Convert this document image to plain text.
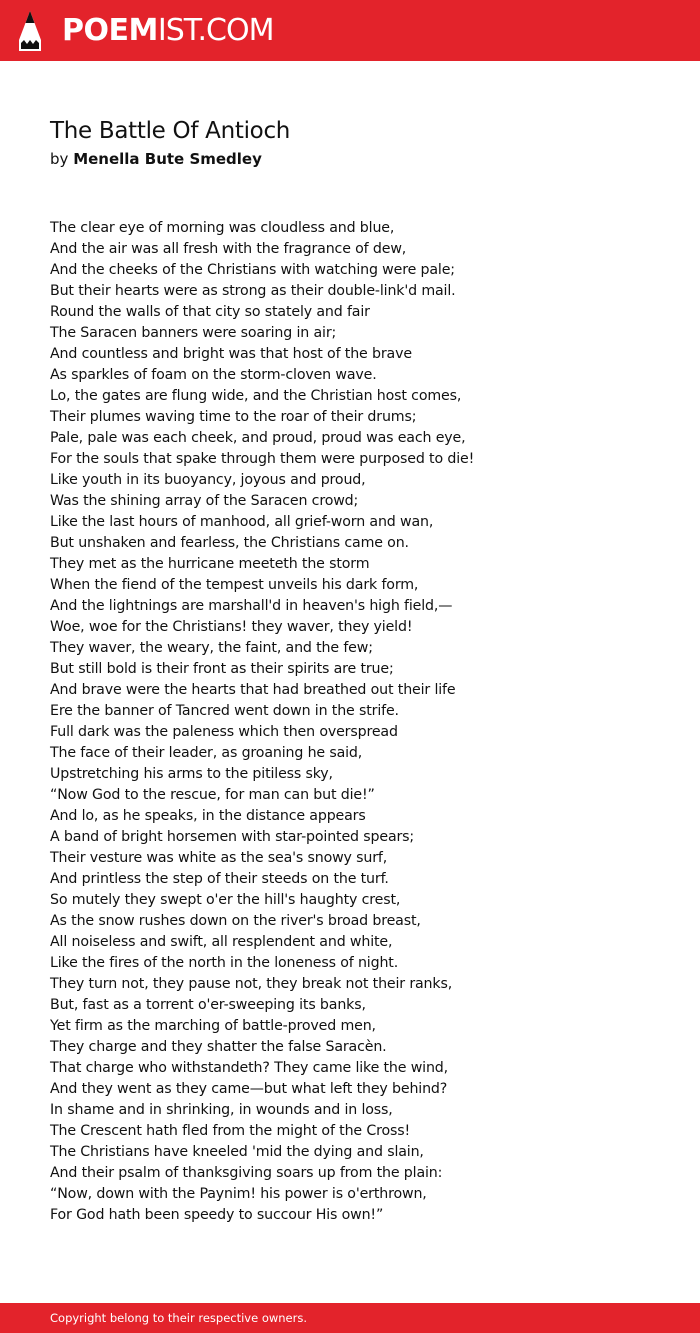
POEMIST.COM
The Battle Of Antioch
by Menella Bute Smedley
The clear eye of morning was cloudless and blue,
And the air was all fresh with the fragrance of dew,
And the cheeks of the Christians with watching were pale;
But their hearts were as strong as their double-link'd mail.
Round the walls of that city so stately and fair
The Saracen banners were soaring in air;
And countless and bright was that host of the brave
As sparkles of foam on the storm-cloven wave.
Lo, the gates are flung wide, and the Christian host comes,
Their plumes waving time to the roar of their drums;
Pale, pale was each cheek, and proud, proud was each eye,
For the souls that spake through them were purposed to die!
Like youth in its buoyancy, joyous and proud,
Was the shining array of the Saracen crowd;
Like the last hours of manhood, all grief-worn and wan,
But unshaken and fearless, the Christians came on.
They met as the hurricane meeteth the storm
When the fiend of the tempest unveils his dark form,
And the lightnings are marshall'd in heaven's high field,—
Woe, woe for the Christians! they waver, they yield!
They waver, the weary, the faint, and the few;
But still bold is their front as their spirits are true;
And brave were the hearts that had breathed out their life
Ere the banner of Tancred went down in the strife.
Full dark was the paleness which then overspread
The face of their leader, as groaning he said,
Upstretching his arms to the pitiless sky,
“Now God to the rescue, for man can but die!”
And lo, as he speaks, in the distance appears
A band of bright horsemen with star-pointed spears;
Their vesture was white as the sea's snowy surf,
And printless the step of their steeds on the turf.
So mutely they swept o'er the hill's haughty crest,
As the snow rushes down on the river's broad breast,
All noiseless and swift, all resplendent and white,
Like the fires of the north in the loneness of night.
They turn not, they pause not, they break not their ranks,
But, fast as a torrent o'er-sweeping its banks,
Yet firm as the marching of battle-proved men,
They charge and they shatter the false Saracèn.
That charge who withstandeth? They came like the wind,
And they went as they came—but what left they behind?
In shame and in shrinking, in wounds and in loss,
The Crescent hath fled from the might of the Cross!
The Christians have kneeled 'mid the dying and slain,
And their psalm of thanksgiving soars up from the plain:
“Now, down with the Paynim! his power is o'erthrown,
For God hath been speedy to succour His own!”
Copyright belong to their respective owners.
